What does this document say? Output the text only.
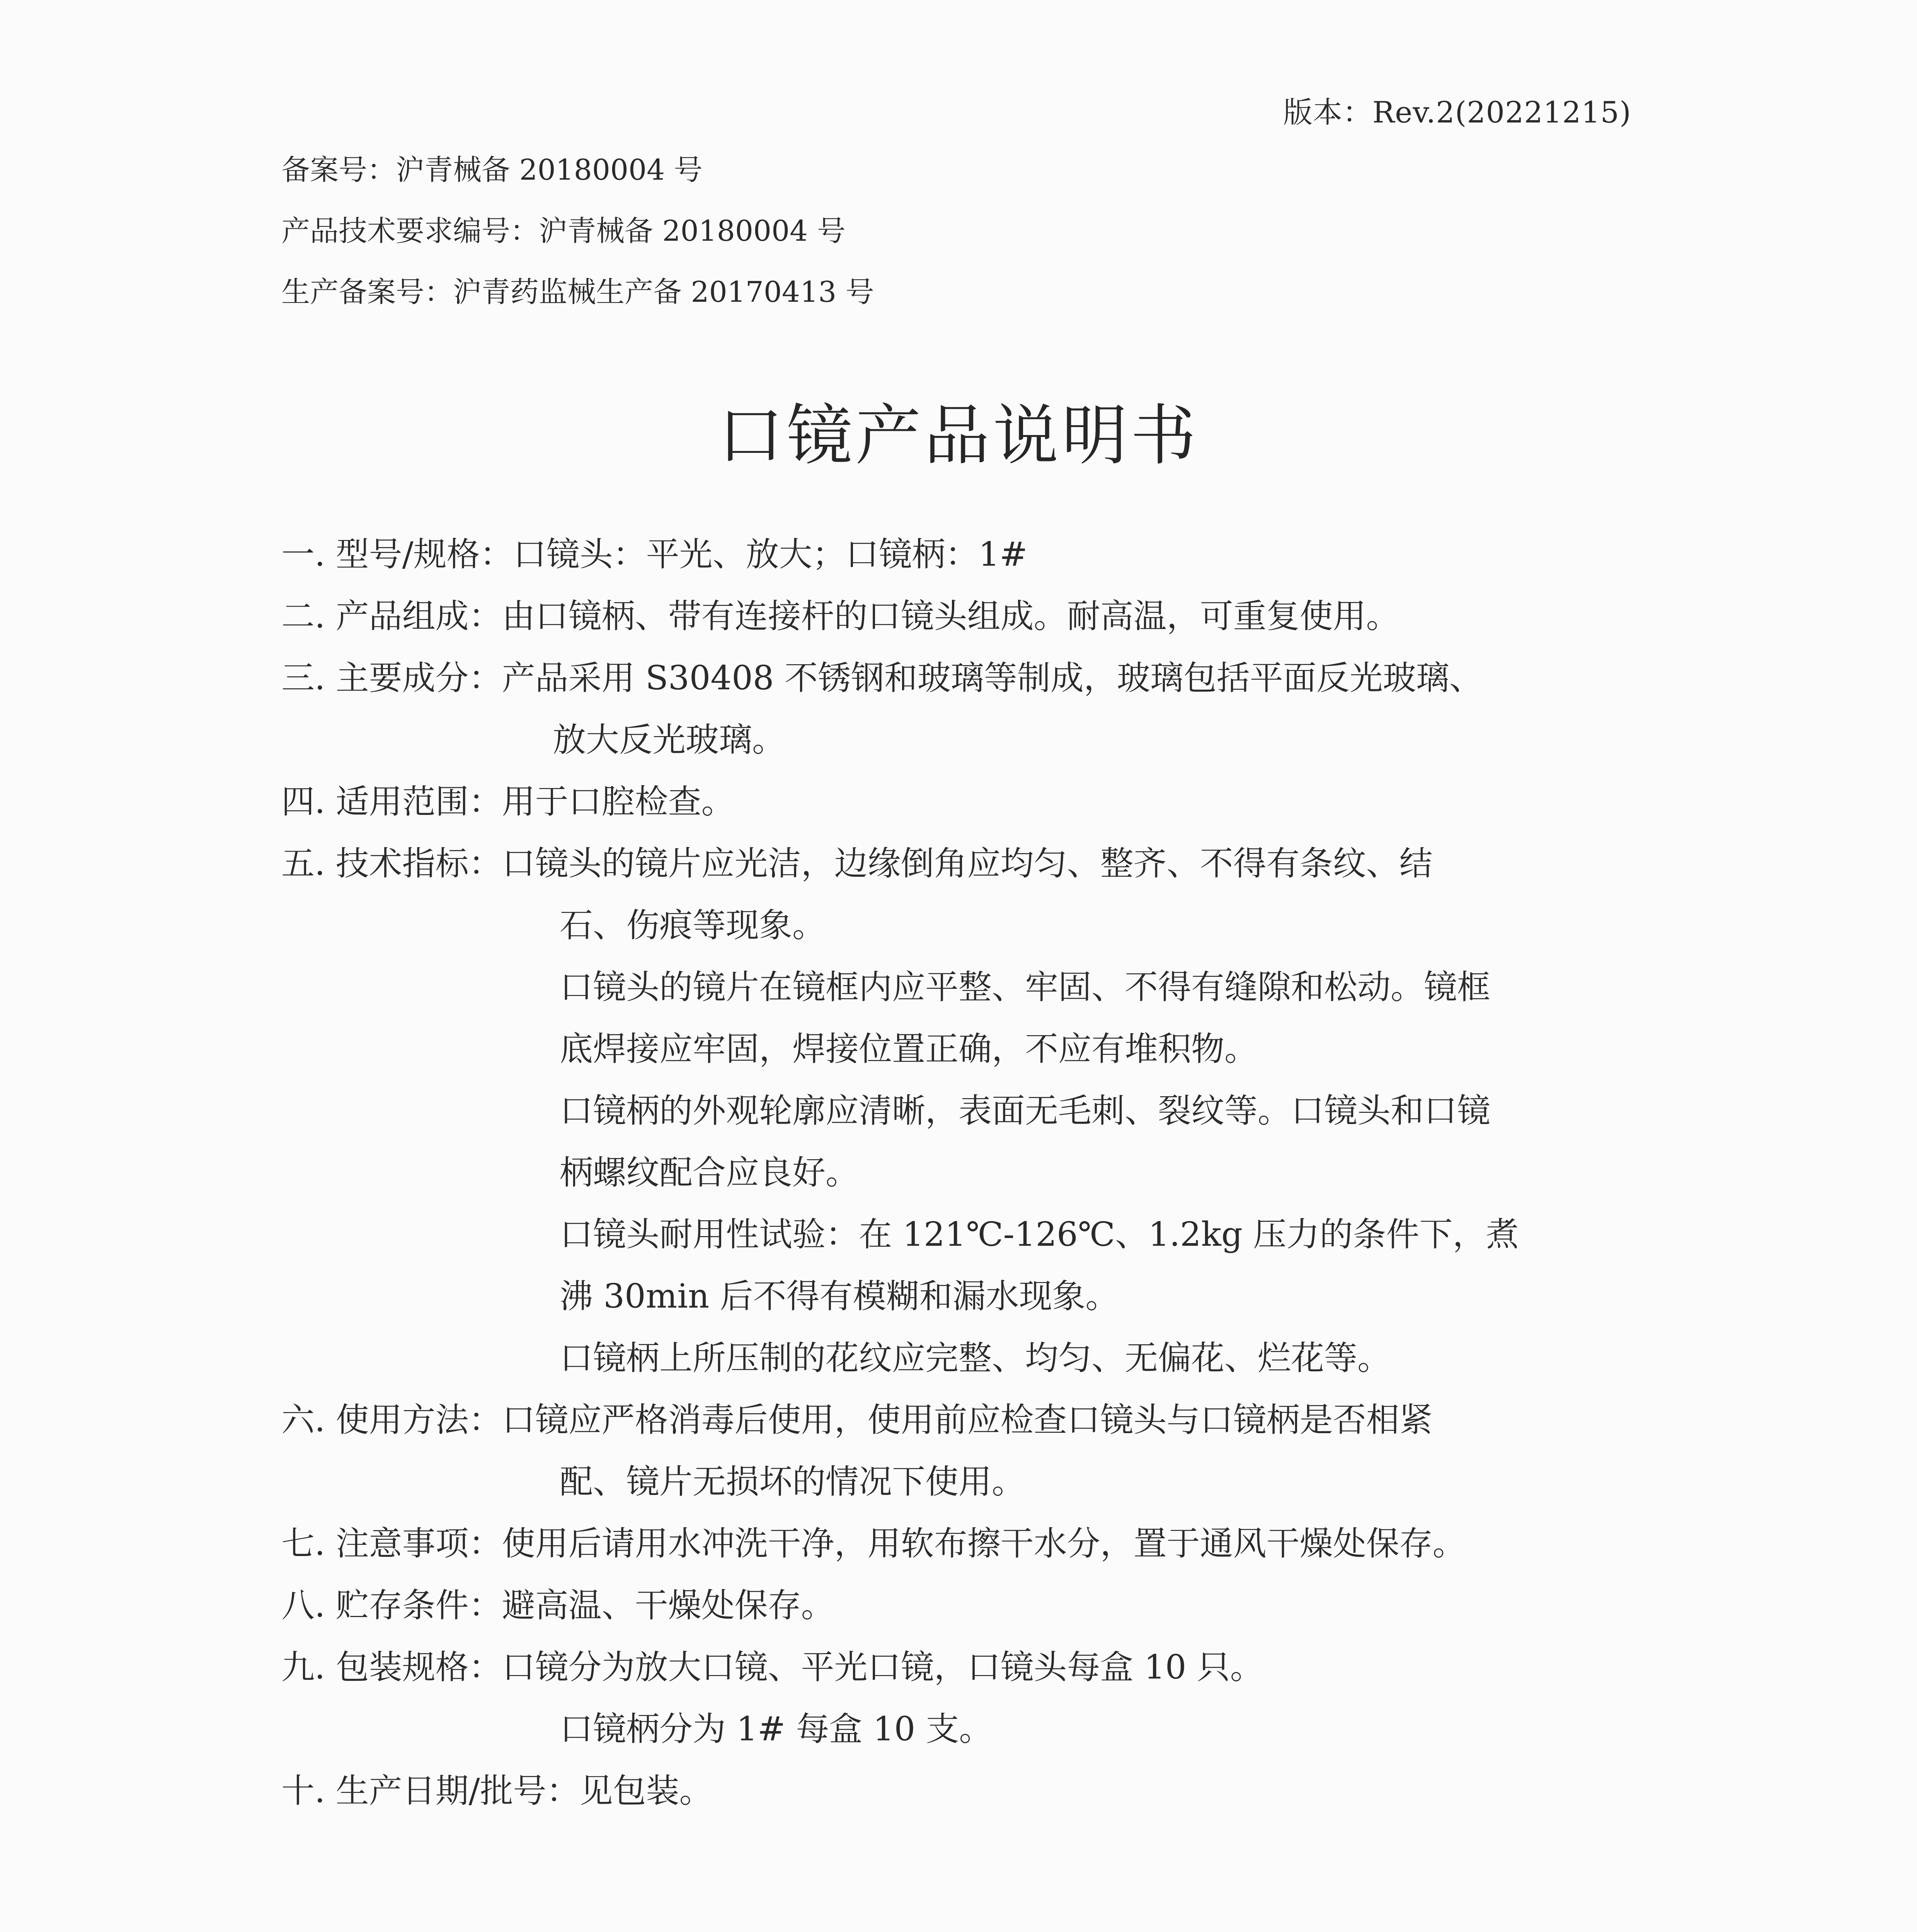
版本：Rev.2(20221215)
备案号：沪青械备 20180004 号
产品技术要求编号：沪青械备 20180004 号
生产备案号：沪青药监械生产备 20170413 号
口镜产品说明书
一. 型号/规格：口镜头：平光、放大；口镜柄：1#
二. 产品组成：由口镜柄、带有连接杆的口镜头组成。耐高温，可重复使用。
三. 主要成分：产品采用 S30408 不锈钢和玻璃等制成，玻璃包括平面反光玻璃、
放大反光玻璃。
四. 适用范围：用于口腔检查。
五. 技术指标：口镜头的镜片应光洁，边缘倒角应均匀、整齐、不得有条纹、结
石、伤痕等现象。
口镜头的镜片在镜框内应平整、牢固、不得有缝隙和松动。镜框
底焊接应牢固，焊接位置正确，不应有堆积物。
口镜柄的外观轮廓应清晰，表面无毛刺、裂纹等。口镜头和口镜
柄螺纹配合应良好。
口镜头耐用性试验：在 121℃-126℃、1.2kg 压力的条件下，煮
沸 30min 后不得有模糊和漏水现象。
口镜柄上所压制的花纹应完整、均匀、无偏花、烂花等。
六. 使用方法：口镜应严格消毒后使用，使用前应检查口镜头与口镜柄是否相紧
配、镜片无损坏的情况下使用。
七. 注意事项：使用后请用水冲洗干净，用软布擦干水分，置于通风干燥处保存。
八. 贮存条件：避高温、干燥处保存。
九. 包装规格：口镜分为放大口镜、平光口镜，口镜头每盒 10 只。
口镜柄分为 1# 每盒 10 支。
十. 生产日期/批号：见包装。
